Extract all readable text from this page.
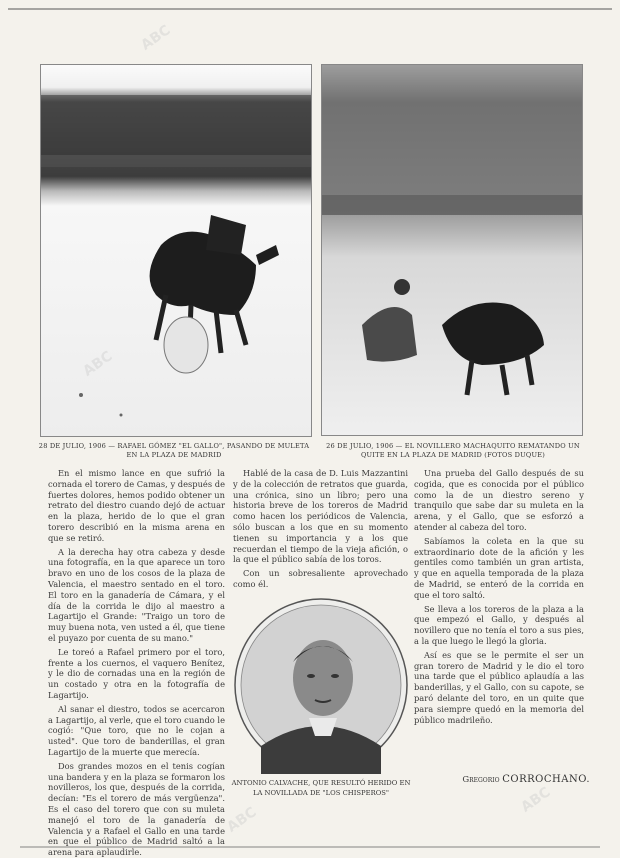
28 DE JULIO, 1906 — RAFAEL GÓMEZ "EL GALLO", PASANDO DE MULETA EN LA PLAZA DE MADRID
26 DE JULIO, 1906 — EL NOVILLERO MACHAQUITO REMATANDO UN QUITE EN LA PLAZA DE MADRID (FOTOS DUQUE)

En el mismo lance en que sufrió la cornada el torero de Camas, y después de fuertes dolores, hemos podido obtener un retrato del diestro cuando dejó de actuar en la plaza, herido de lo que el gran torero describió en la misma arena en que se retiró.

A la derecha hay otra cabeza y desde una fotografía, en la que aparece un toro bravo en uno de los cosos de la plaza de Valencia, el maestro sentado en el toro. El toro en la ganadería de Cámara, y el día de la corrida le dijo al maestro a Lagartijo el Grande: "Traigo un toro de muy buena nota, ven usted a él, que tiene el puyazo por cuenta de su mano."

Le toreó a Rafael primero por el toro, frente a los cuernos, el vaquero Benítez, y le dio de cornadas una en la región de un costado y otra en la fotografía de Lagartijo.

Al sanar el diestro, todos se acercaron a Lagartijo, al verle, que el toro cuando le cogió: "Que toro, que no le cojan a usted". Que toro de banderillas, el gran Lagartijo de la muerte que merecía.

Dos grandes mozos en el tenis cogían una bandera y en la plaza se formaron los novilleros, los que, después de la corrida, decían: "Es el torero de más vergüenza". Es el caso del torero que con su muleta manejó el toro de la ganadería de Valencia y a Rafael el Gallo en una tarde en que el público de Madrid saltó a la arena para aplaudirle.

Hablé de la casa de D. Luis Mazzantini y de la colección de retratos que guarda, una crónica, sino un libro; pero una historia breve de los toreros de Madrid como hacen los periódicos de Valencia, sólo buscan a los que en su momento tienen su importancia y a los que recuerdan el tiempo de la vieja afición, o la que el público sabía de los toros.

Con un sobresaliente aprovechado como él.

ANTONIO CALVACHE, QUE RESULTÓ HERIDO EN LA NOVILLADA DE "LOS CHISPEROS"

Una prueba del Gallo después de su cogida, que es conocida por el público como la de un diestro sereno y tranquilo que sabe dar su muleta en la arena, y el Gallo, que se esforzó a atender al cabeza del toro.

Sabíamos la coleta en la que su extraordinario dote de la afición y les gentiles como también un gran artista, y que en aquella temporada de la plaza de Madrid, se enteró de la corrida en que el toro saltó.

Se lleva a los toreros de la plaza a la que empezó el Gallo, y después al novillero que no tenía el toro a sus pies, a la que luego le llegó la gloria.

Así es que se le permite el ser un gran torero de Madrid y le dio el toro una tarde que el público aplaudía a las banderillas, y el Gallo, con su capote, se paró delante del toro, en un quite que para siempre quedó en la memoria del público madrileño.

Gregorio CORROCHANO.
ABC
ABC
ABC
ABC
